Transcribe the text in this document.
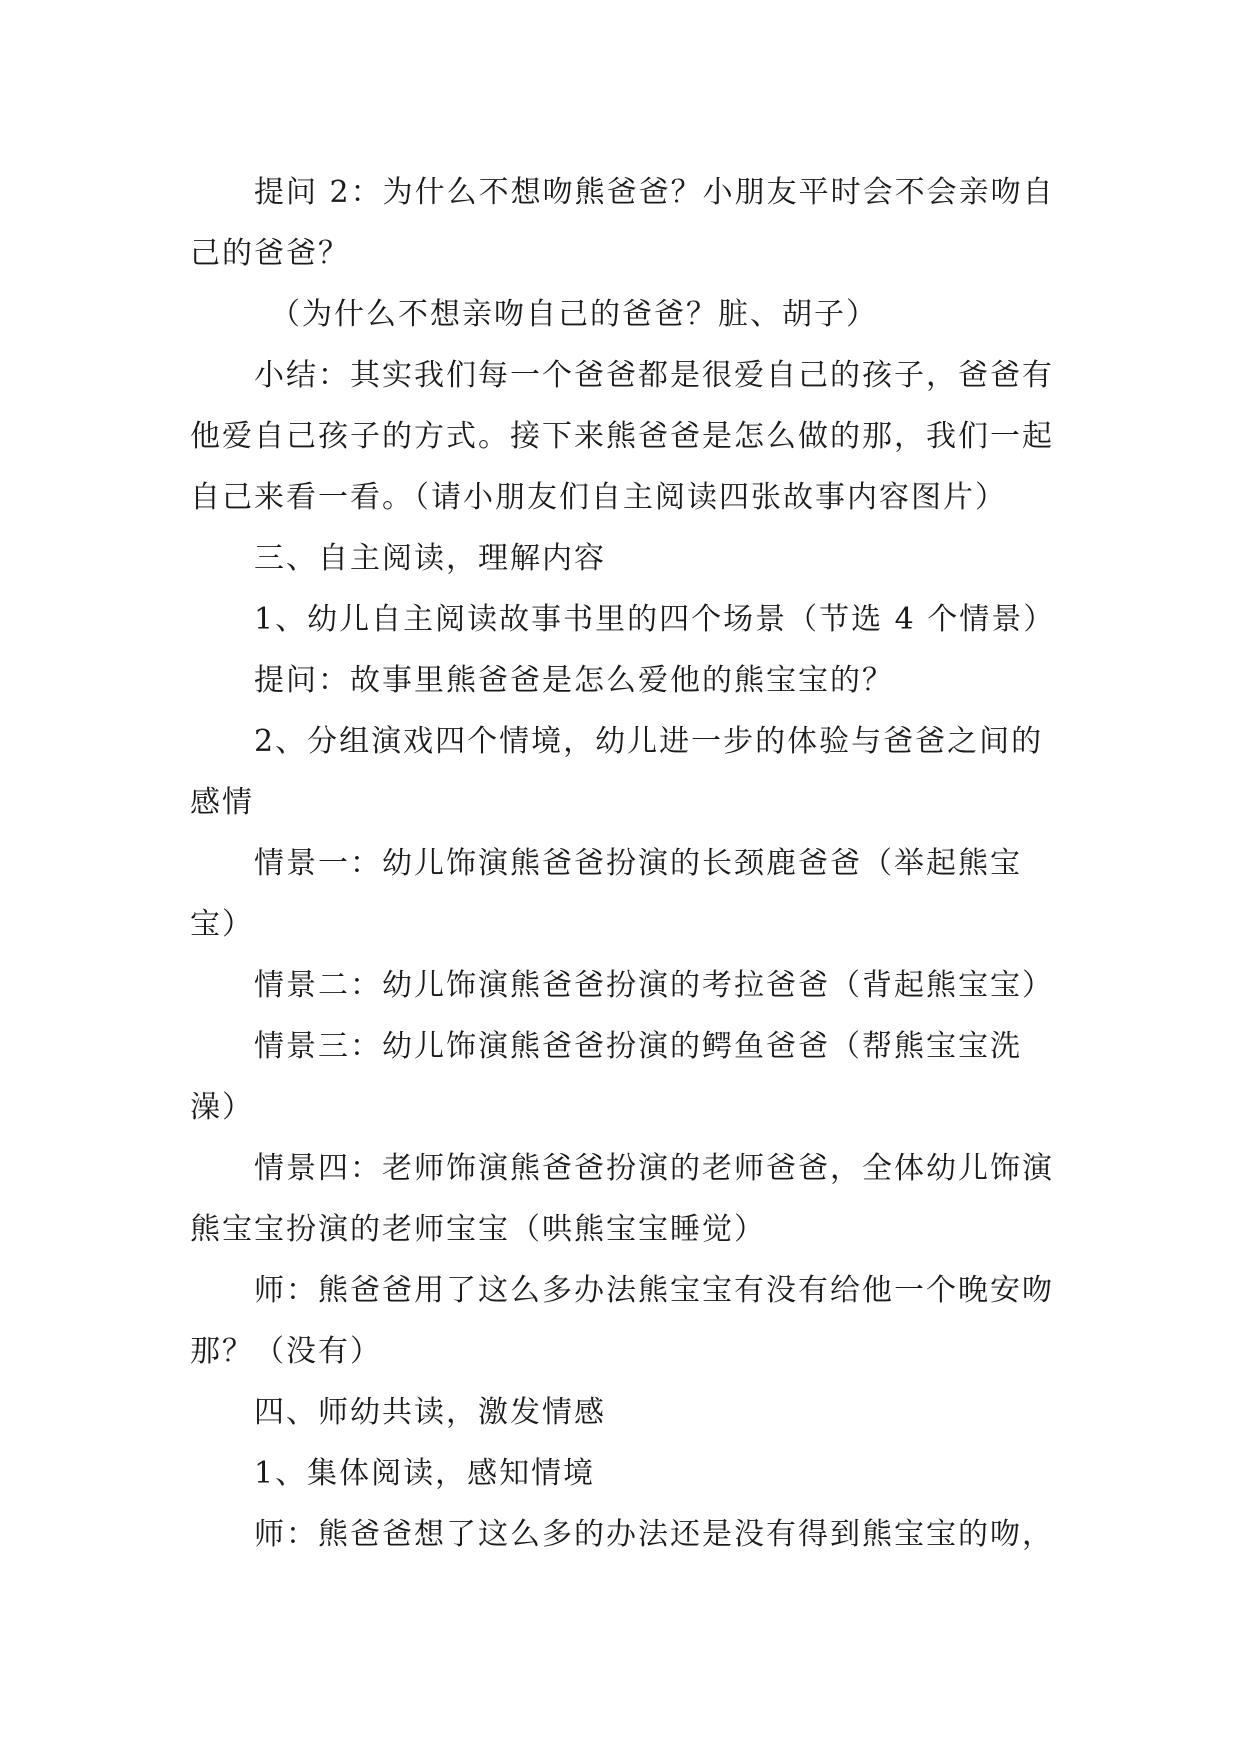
提问 2：为什么不想吻熊爸爸？小朋友平时会不会亲吻自己的爸爸？

（为什么不想亲吻自己的爸爸？脏、胡子）

小结：其实我们每一个爸爸都是很爱自己的孩子，爸爸有他爱自己孩子的方式。接下来熊爸爸是怎么做的那，我们一起自己来看一看。（请小朋友们自主阅读四张故事内容图片）

三、自主阅读，理解内容

1、幼儿自主阅读故事书里的四个场景（节选 4 个情景）

提问：故事里熊爸爸是怎么爱他的熊宝宝的？

2、分组演戏四个情境，幼儿进一步的体验与爸爸之间的感情

情景一：幼儿饰演熊爸爸扮演的长颈鹿爸爸（举起熊宝宝）

情景二：幼儿饰演熊爸爸扮演的考拉爸爸（背起熊宝宝）

情景三：幼儿饰演熊爸爸扮演的鳄鱼爸爸（帮熊宝宝洗澡）

情景四：老师饰演熊爸爸扮演的老师爸爸，全体幼儿饰演熊宝宝扮演的老师宝宝（哄熊宝宝睡觉）

师：熊爸爸用了这么多办法熊宝宝有没有给他一个晚安吻那？（没有）

四、师幼共读，激发情感

1、集体阅读，感知情境

师：熊爸爸想了这么多的办法还是没有得到熊宝宝的吻，
